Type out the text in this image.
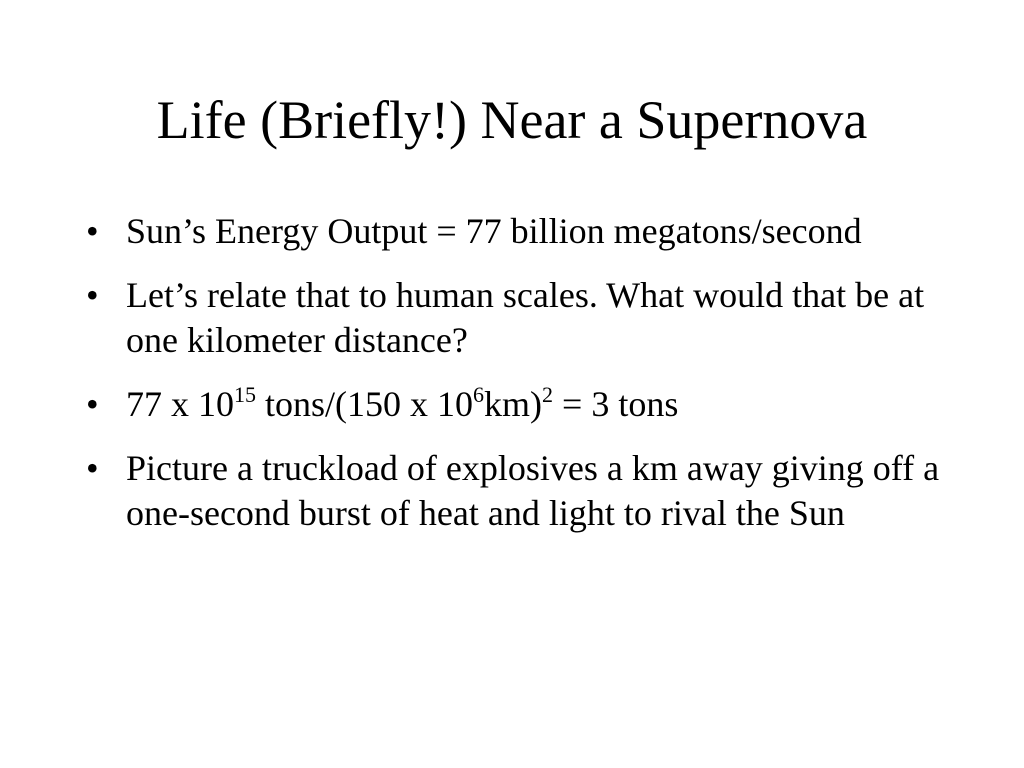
Life (Briefly!) Near a Supernova
• Sun’s Energy Output = 77 billion megatons/second
• Let’s relate that to human scales. What would that be at one kilometer distance?
• 77 x $10^{15}$ tons/(150 x $10^6km)^2 = 3$ tons
• Picture a truckload of explosives a km away giving off a one-second burst of heat and light to rival the Sun
